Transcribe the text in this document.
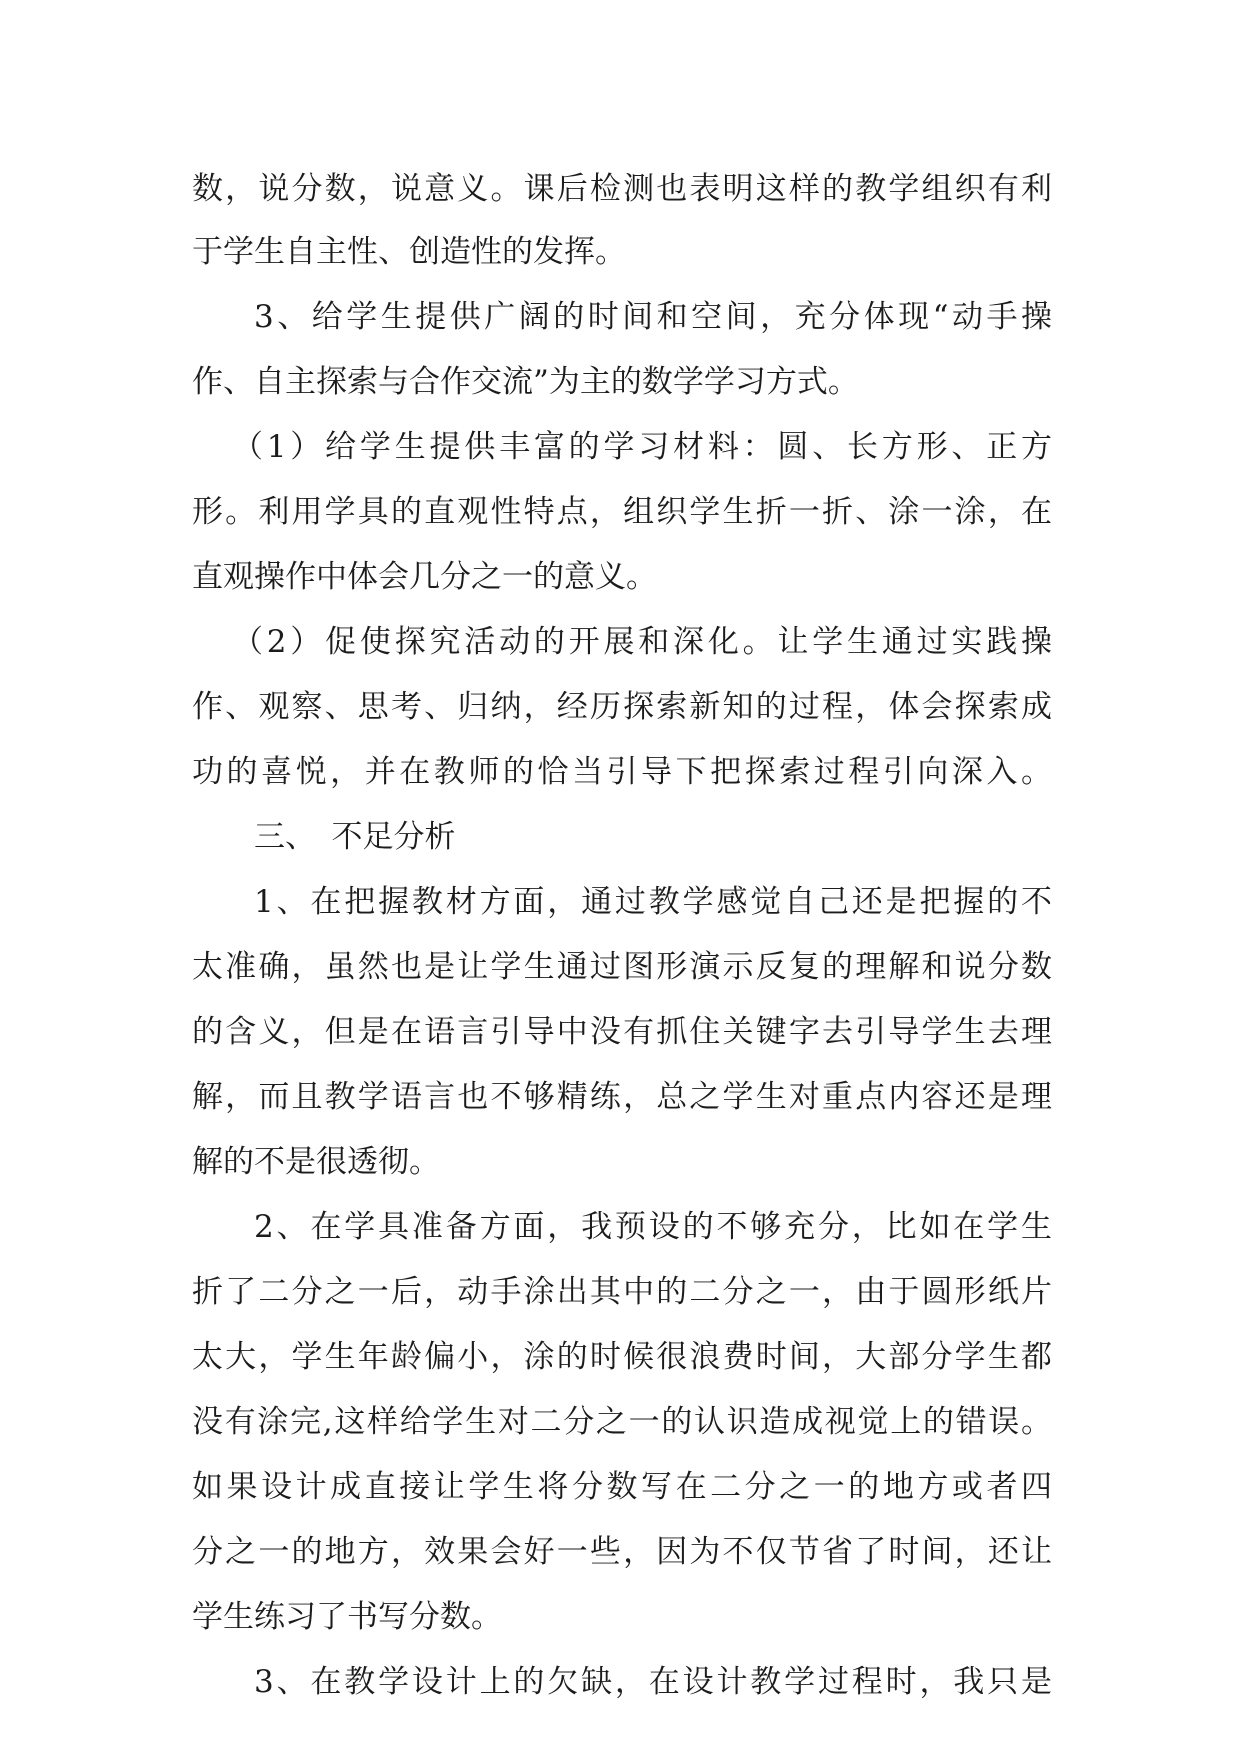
数，说分数，说意义。课后检测也表明这样的教学组织有利
于学生自主性、创造性的发挥。
3、给学生提供广阔的时间和空间，充分体现“动手操
作、自主探索与合作交流”为主的数学学习方式。
（1）给学生提供丰富的学习材料：圆、长方形、正方
形。利用学具的直观性特点，组织学生折一折、涂一涂，在
直观操作中体会几分之一的意义。
（2）促使探究活动的开展和深化。让学生通过实践操
作、观察、思考、归纳，经历探索新知的过程，体会探索成
功的喜悦，并在教师的恰当引导下把探索过程引向深入。
三、　不足分析
1、在把握教材方面，通过教学感觉自己还是把握的不
太准确，虽然也是让学生通过图形演示反复的理解和说分数
的含义，但是在语言引导中没有抓住关键字去引导学生去理
解，而且教学语言也不够精练，总之学生对重点内容还是理
解的不是很透彻。
2、在学具准备方面，我预设的不够充分，比如在学生
折了二分之一后，动手涂出其中的二分之一，由于圆形纸片
太大，学生年龄偏小，涂的时候很浪费时间，大部分学生都
没有涂完,这样给学生对二分之一的认识造成视觉上的错误。
如果设计成直接让学生将分数写在二分之一的地方或者四
分之一的地方，效果会好一些，因为不仅节省了时间，还让
学生练习了书写分数。
3、在教学设计上的欠缺，在设计教学过程时，我只是
